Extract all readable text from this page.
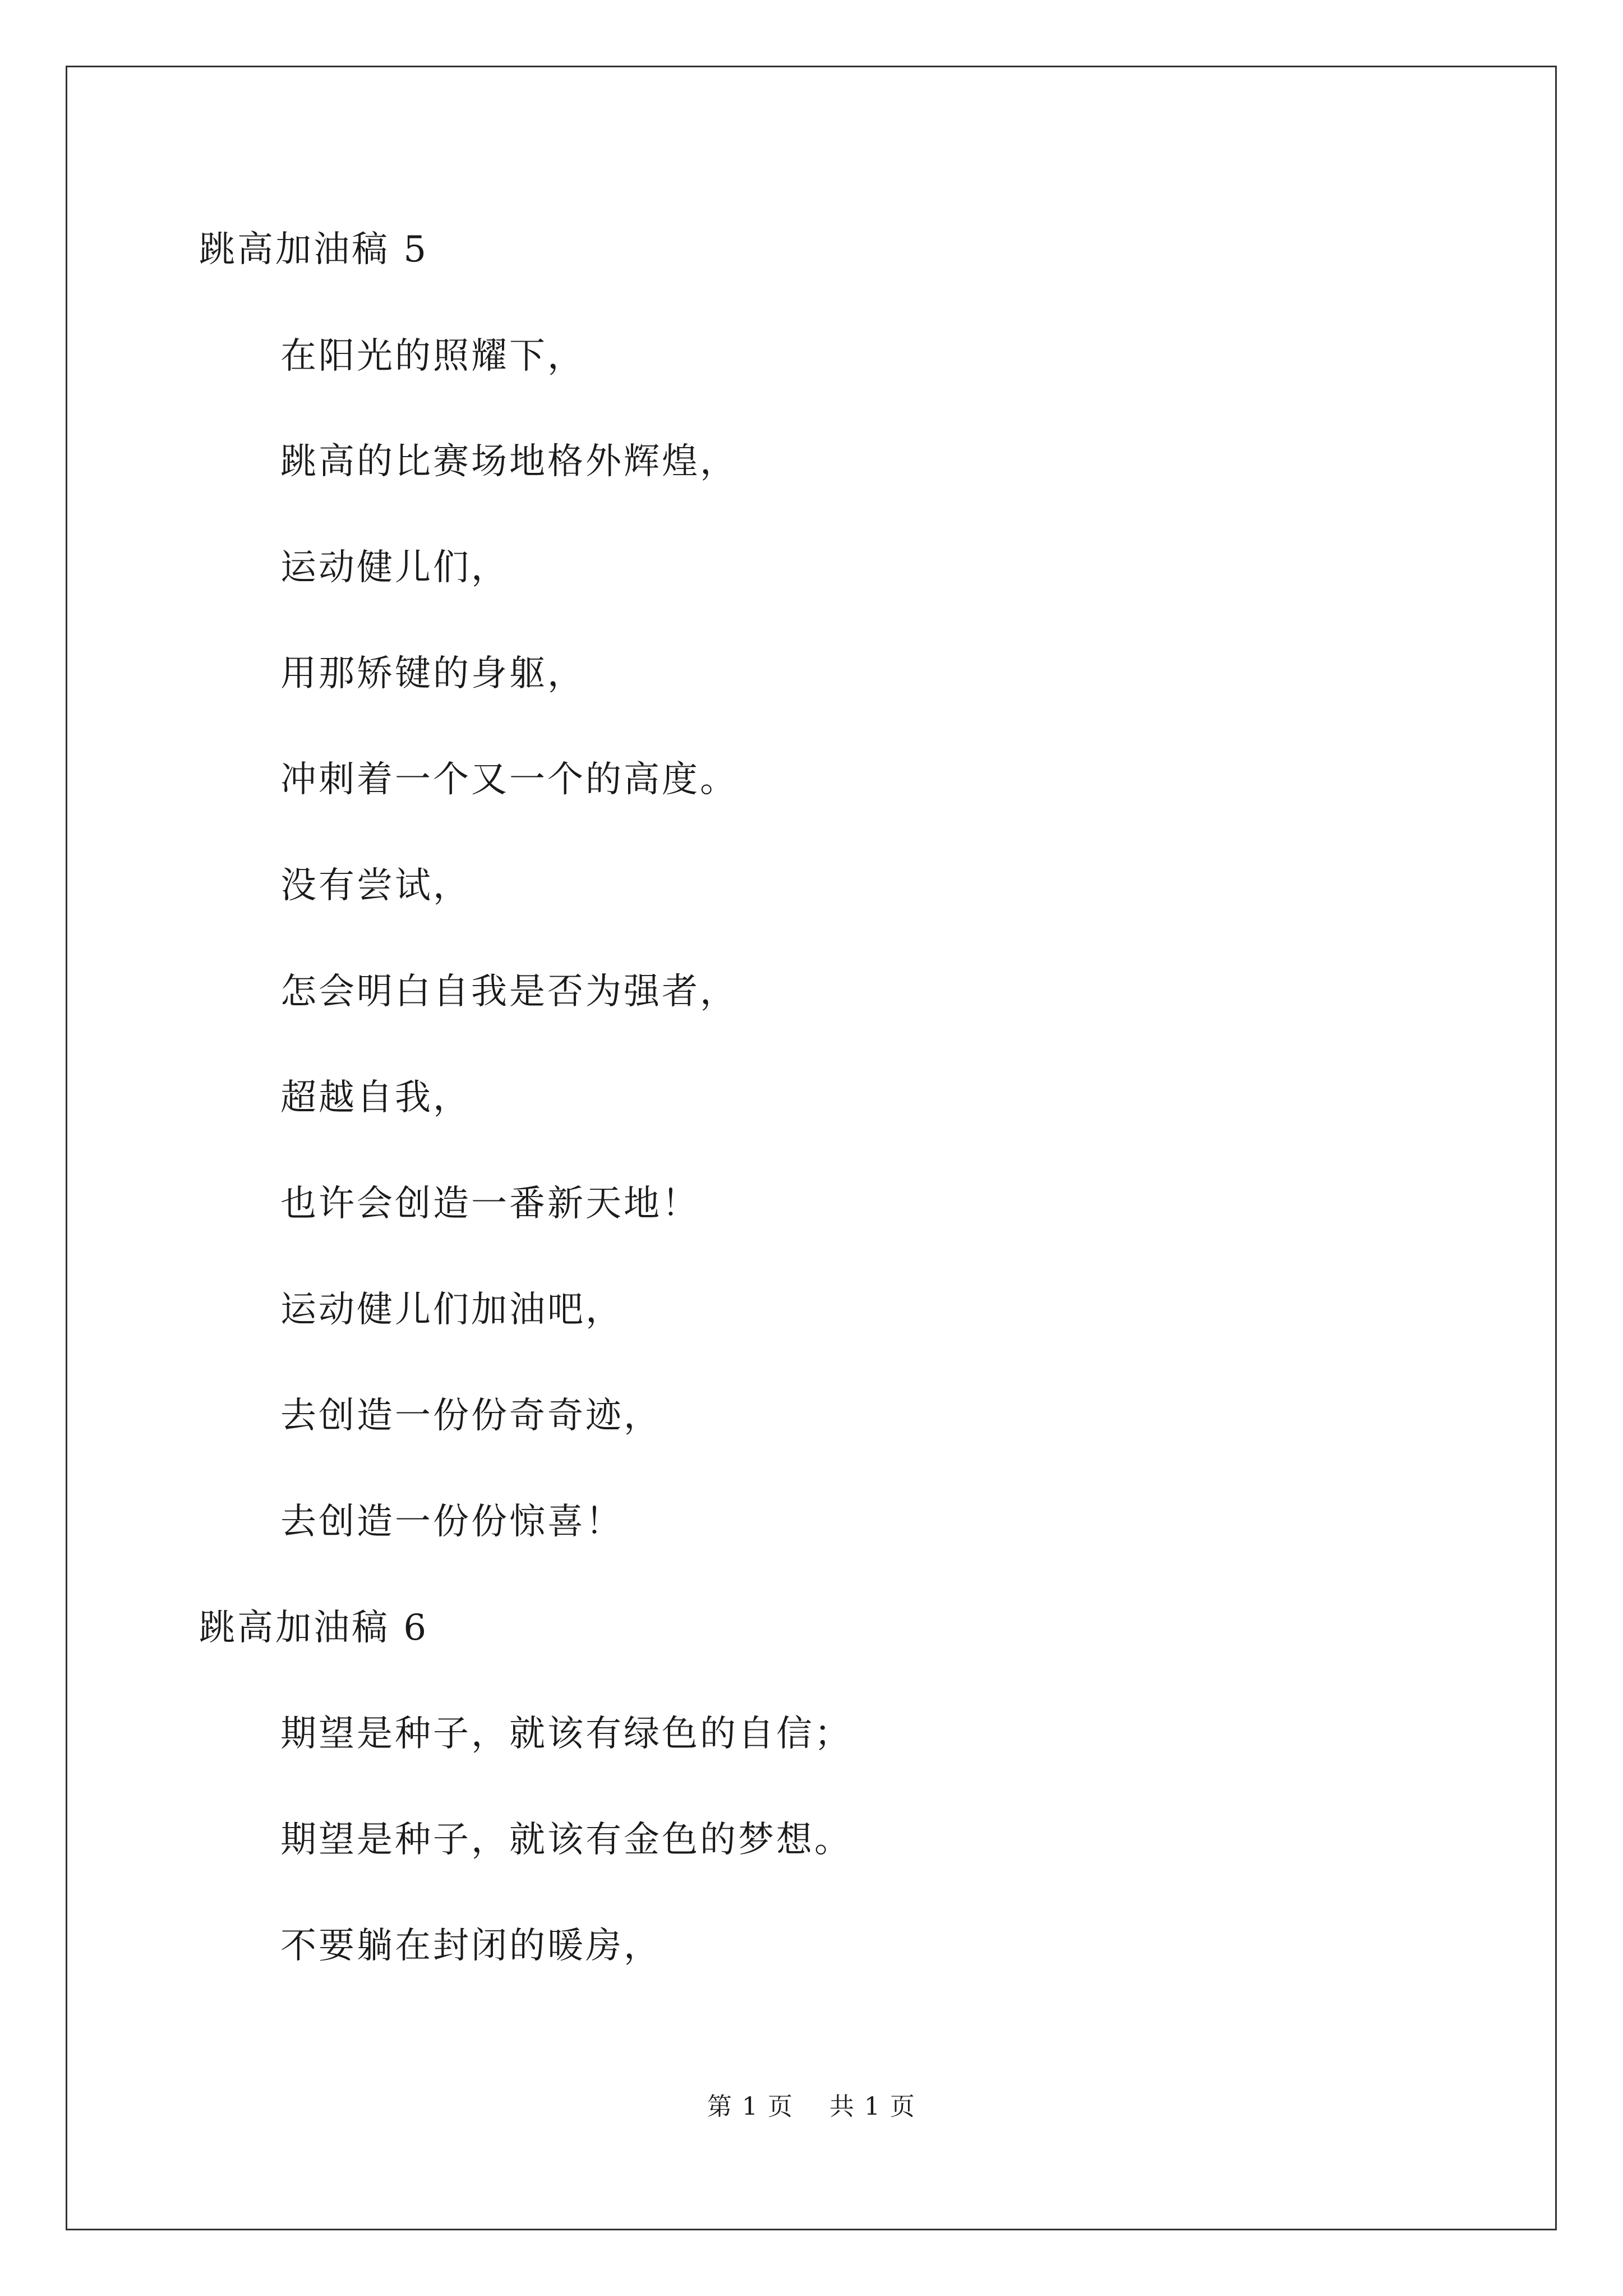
跳高加油稿 5
在阳光的照耀下，
跳高的比赛场地格外辉煌，
运动健儿们，
用那矫键的身躯，
冲刺着一个又一个的高度。
没有尝试，
怎会明白自我是否为强者，
超越自我，
也许会创造一番新天地！
运动健儿们加油吧，
去创造一份份奇奇迹，
去创造一份份惊喜！
跳高加油稿 6
期望是种子，就该有绿色的自信；
期望是种子，就该有金色的梦想。
不要躺在封闭的暖房，
第 1 页    共 1 页
